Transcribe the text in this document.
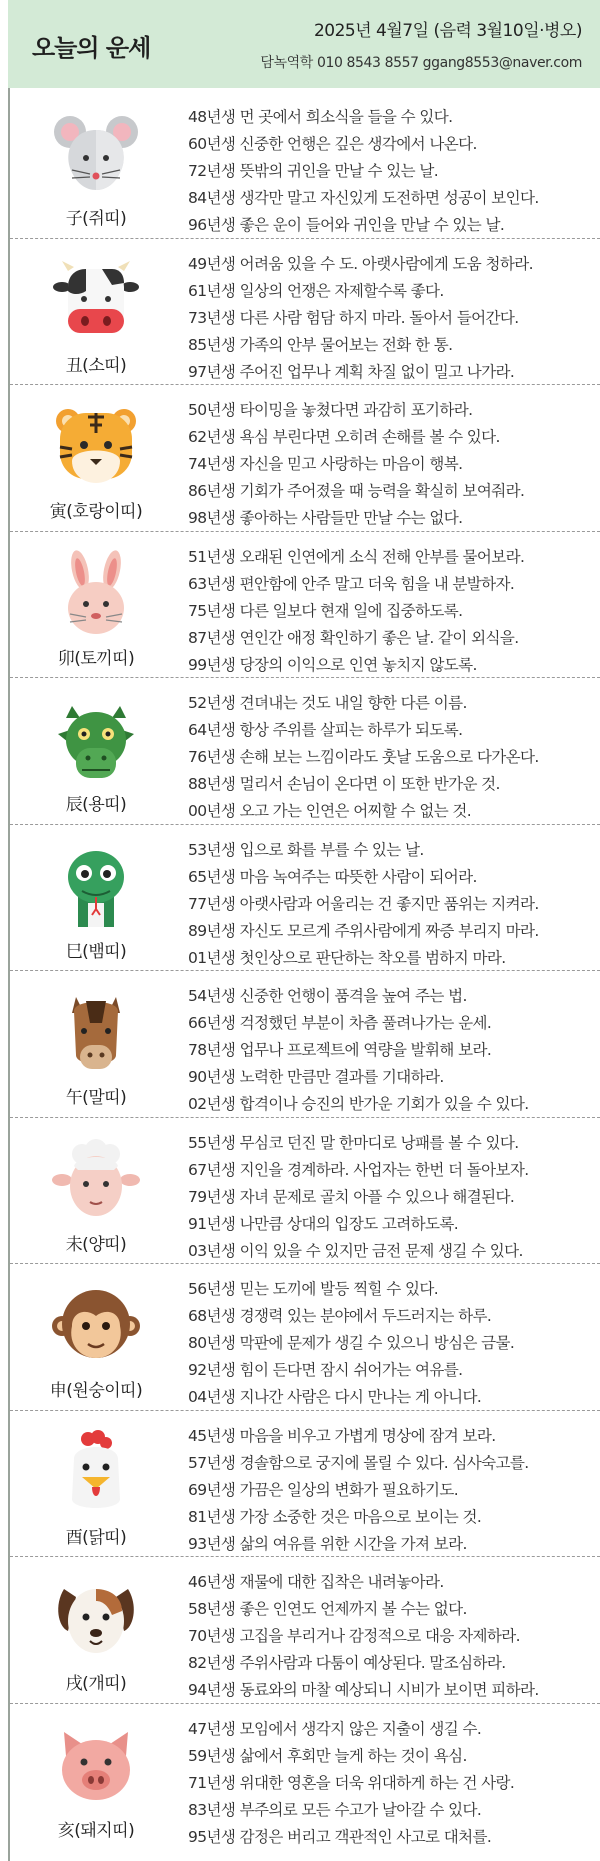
오늘의 운세
2025년 4월7일 (음력 3월10일·병오)
담녹역학 010 8543 8557 ggang8553@naver.com
子(쥐띠)
48년생 먼 곳에서 희소식을 들을 수 있다.
60년생 신중한 언행은 깊은 생각에서 나온다.
72년생 뜻밖의 귀인을 만날 수 있는 날.
84년생 생각만 말고 자신있게 도전하면 성공이 보인다.
96년생 좋은 운이 들어와 귀인을 만날 수 있는 날.
丑(소띠)
49년생 어려움 있을 수 도. 아랫사람에게 도움 청하라.
61년생 일상의 언쟁은 자제할수록 좋다.
73년생 다른 사람 험담 하지 마라. 돌아서 들어간다.
85년생 가족의 안부 물어보는 전화 한 통.
97년생 주어진 업무나 계획 차질 없이 밀고 나가라.
寅(호랑이띠)
50년생 타이밍을 놓쳤다면 과감히 포기하라.
62년생 욕심 부린다면 오히려 손해를 볼 수 있다.
74년생 자신을 믿고 사랑하는 마음이 행복.
86년생 기회가 주어졌을 때 능력을 확실히 보여줘라.
98년생 좋아하는 사람들만 만날 수는 없다.
卯(토끼띠)
51년생 오래된 인연에게 소식 전해 안부를 물어보라.
63년생 편안함에 안주 말고 더욱 힘을 내 분발하자.
75년생 다른 일보다 현재 일에 집중하도록.
87년생 연인간 애정 확인하기 좋은 날. 같이 외식을.
99년생 당장의 이익으로 인연 놓치지 않도록.
辰(용띠)
52년생 견뎌내는 것도 내일 향한 다른 이름.
64년생 항상 주위를 살피는 하루가 되도록.
76년생 손해 보는 느낌이라도 훗날 도움으로 다가온다.
88년생 멀리서 손님이 온다면 이 또한 반가운 것.
00년생 오고 가는 인연은 어찌할 수 없는 것.
巳(뱀띠)
53년생 입으로 화를 부를 수 있는 날.
65년생 마음 녹여주는 따뜻한 사람이 되어라.
77년생 아랫사람과 어울리는 건 좋지만 품위는 지켜라.
89년생 자신도 모르게 주위사람에게 짜증 부리지 마라.
01년생 첫인상으로 판단하는 착오를 범하지 마라.
午(말띠)
54년생 신중한 언행이 품격을 높여 주는 법.
66년생 걱정했던 부분이 차츰 풀려나가는 운세.
78년생 업무나 프로젝트에 역량을 발휘해 보라.
90년생 노력한 만큼만 결과를 기대하라.
02년생 합격이나 승진의 반가운 기회가 있을 수 있다.
未(양띠)
55년생 무심코 던진 말 한마디로 낭패를 볼 수 있다.
67년생 지인을 경계하라. 사업자는 한번 더 돌아보자.
79년생 자녀 문제로 골치 아플 수 있으나 해결된다.
91년생 나만큼 상대의 입장도 고려하도록.
03년생 이익 있을 수 있지만 금전 문제 생길 수 있다.
申(원숭이띠)
56년생 믿는 도끼에 발등 찍힐 수 있다.
68년생 경쟁력 있는 분야에서 두드러지는 하루.
80년생 막판에 문제가 생길 수 있으니 방심은 금물.
92년생 힘이 든다면 잠시 쉬어가는 여유를.
04년생 지나간 사람은 다시 만나는 게 아니다.
酉(닭띠)
45년생 마음을 비우고 가볍게 명상에 잠겨 보라.
57년생 경솔함으로 궁지에 몰릴 수 있다. 심사숙고를.
69년생 가끔은 일상의 변화가 필요하기도.
81년생 가장 소중한 것은 마음으로 보이는 것.
93년생 삶의 여유를 위한 시간을 가져 보라.
戌(개띠)
46년생 재물에 대한 집착은 내려놓아라.
58년생 좋은 인연도 언제까지 볼 수는 없다.
70년생 고집을 부리거나 감정적으로 대응 자제하라.
82년생 주위사람과 다툼이 예상된다. 말조심하라.
94년생 동료와의 마찰 예상되니 시비가 보이면 피하라.
亥(돼지띠)
47년생 모임에서 생각지 않은 지출이 생길 수.
59년생 삶에서 후회만 늘게 하는 것이 욕심.
71년생 위대한 영혼을 더욱 위대하게 하는 건 사랑.
83년생 부주의로 모든 수고가 날아갈 수 있다.
95년생 감정은 버리고 객관적인 사고로 대처를.
